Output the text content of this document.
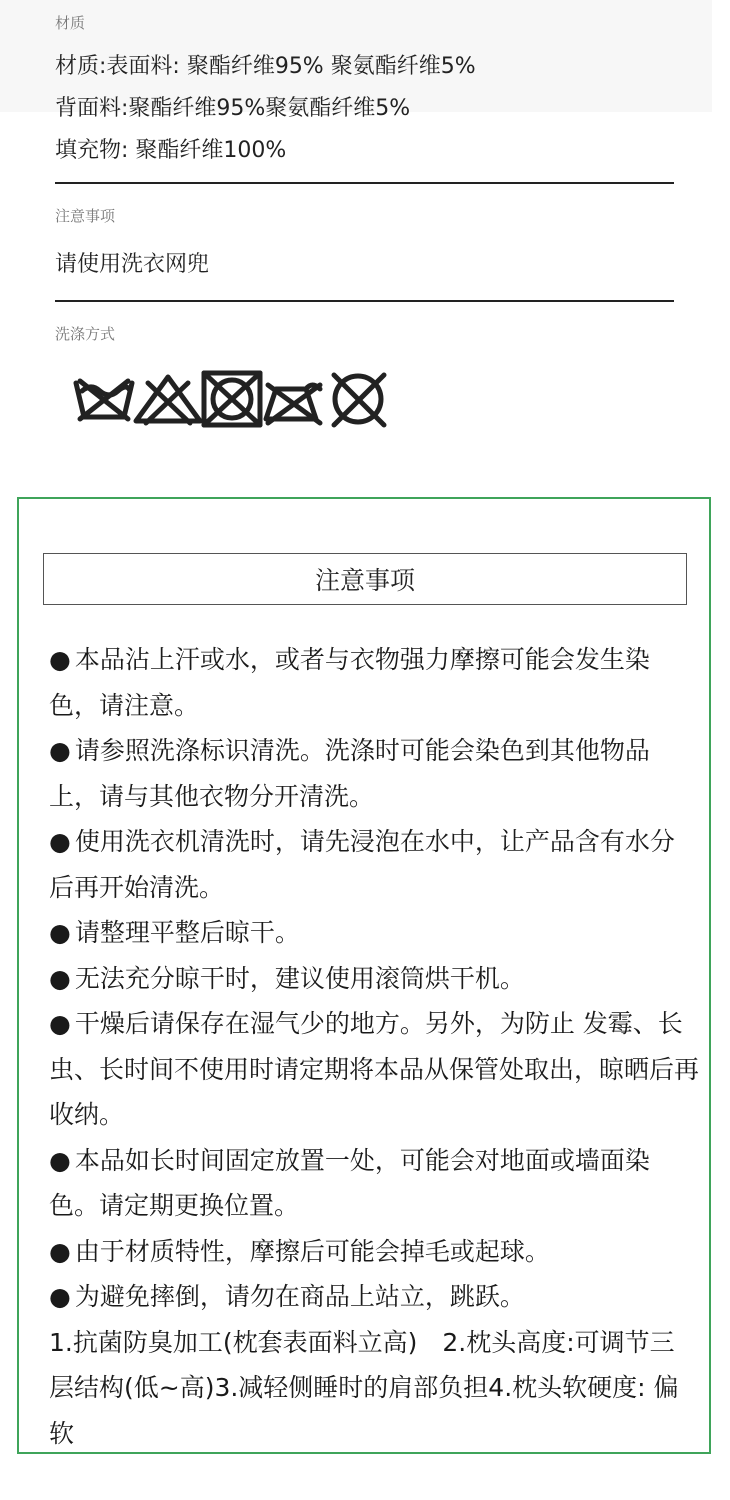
材质
材质:表面料: 聚酯纤维95% 聚氨酯纤维5%
背面料:聚酯纤维95%聚氨酯纤维5%
填充物: 聚酯纤维100%
注意事项
请使用洗衣网兜
洗涤方式
注意事项
● 本品沾上汗或水，或者与衣物强力摩擦可能会发生染色，请注意。
● 请参照洗涤标识清洗。洗涤时可能会染色到其他物品上，请与其他衣物分开清洗。
● 使用洗衣机清洗时，请先浸泡在水中，让产品含有水分后再开始清洗。
● 请整理平整后晾干。
● 无法充分晾干时，建议使用滚筒烘干机。
● 干燥后请保存在湿气少的地方。另外，为防止 发霉、长虫、长时间不使用时请定期将本品从保管处取出，晾晒后再收纳。
● 本品如长时间固定放置一处，可能会对地面或墙面染色。请定期更换位置。
● 由于材质特性，摩擦后可能会掉毛或起球。
● 为避免摔倒，请勿在商品上站立，跳跃。
1.抗菌防臭加工(枕套表面料立高)　2.枕头高度:可调节三层结构(低~高)3.减轻侧睡时的肩部负担4.枕头软硬度: 偏软
